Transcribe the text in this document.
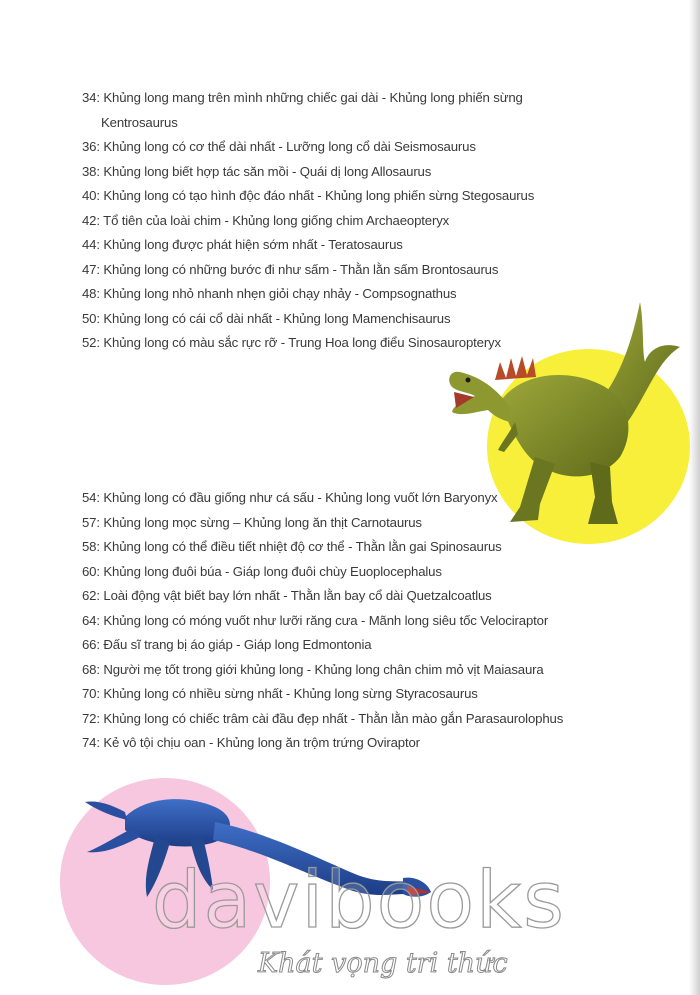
34: Khủng long mang trên mình những chiếc gai dài - Khủng long phiến sừng
Kentrosaurus
36: Khủng long có cơ thể dài nhất - Lưỡng long cổ dài Seismosaurus
38: Khủng long biết hợp tác săn mồi - Quái dị long Allosaurus
40: Khủng long có tạo hình độc đáo nhất - Khủng long phiến sừng Stegosaurus
42: Tổ tiên của loài chim - Khủng long giống chim Archaeopteryx
44: Khủng long được phát hiện sớm nhất - Teratosaurus
47: Khủng long có những bước đi như sấm - Thằn lằn sấm Brontosaurus
48: Khủng long nhỏ nhanh nhẹn giỏi chạy nhảy - Compsognathus
50: Khủng long có cái cổ dài nhất - Khủng long Mamenchisaurus
52: Khủng long có màu sắc rực rỡ - Trung Hoa long điểu Sinosauropteryx
54: Khủng long có đầu giống như cá sấu - Khủng long vuốt lớn Baryonyx
57: Khủng long mọc sừng – Khủng long ăn thịt Carnotaurus
58: Khủng long có thể điều tiết nhiệt độ cơ thể - Thằn lằn gai Spinosaurus
60: Khủng long đuôi búa - Giáp long đuôi chùy Euoplocephalus
62: Loài động vật biết bay lớn nhất - Thằn lằn bay cổ dài Quetzalcoatlus
64: Khủng long có móng vuốt như lưỡi răng cưa - Mãnh long siêu tốc Velociraptor
66: Đấu sĩ trang bị áo giáp - Giáp long Edmontonia
68: Người mẹ tốt trong giới khủng long - Khủng long chân chim mỏ vịt Maiasaura
70: Khủng long có nhiều sừng nhất - Khủng long sừng Styracosaurus
72: Khủng long có chiếc trâm cài đầu đẹp nhất - Thằn lằn mào gắn Parasaurolophus
74: Kẻ vô tội chịu oan - Khủng long ăn trộm trứng Oviraptor

davibooks

Khát vọng tri thức
